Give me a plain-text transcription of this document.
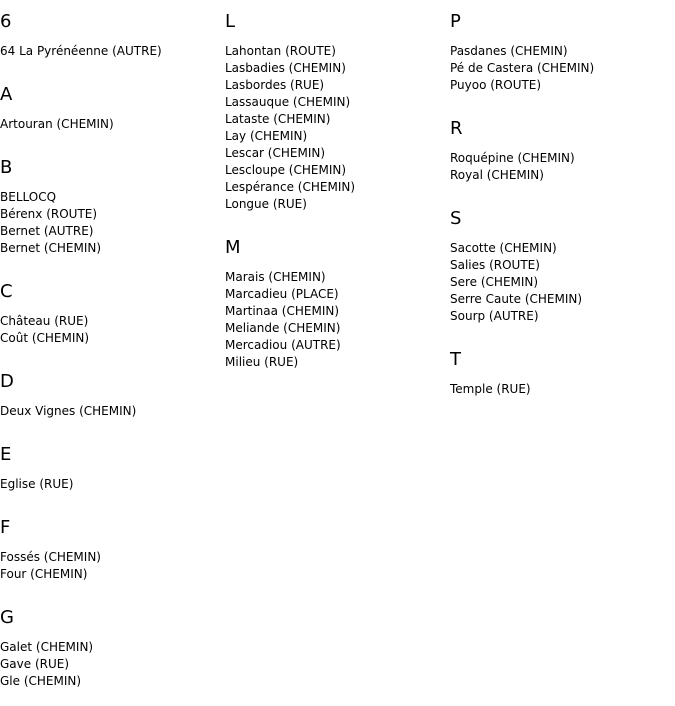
6
64 La Pyrénéenne (AUTRE)
A
Artouran (CHEMIN)
B
BELLOCQ
Bérenx (ROUTE)
Bernet (AUTRE)
Bernet (CHEMIN)
C
Château (RUE)
Coût (CHEMIN)
D
Deux Vignes (CHEMIN)
E
Eglise (RUE)
F
Fossés (CHEMIN)
Four (CHEMIN)
G
Galet (CHEMIN)
Gave (RUE)
Gle (CHEMIN)
L
Lahontan (ROUTE)
Lasbadies (CHEMIN)
Lasbordes (RUE)
Lassauque (CHEMIN)
Lataste (CHEMIN)
Lay (CHEMIN)
Lescar (CHEMIN)
Lescloupe (CHEMIN)
Lespérance (CHEMIN)
Longue (RUE)
M
Marais (CHEMIN)
Marcadieu (PLACE)
Martinaa (CHEMIN)
Meliande (CHEMIN)
Mercadiou (AUTRE)
Milieu (RUE)
P
Pasdanes (CHEMIN)
Pé de Castera (CHEMIN)
Puyoo (ROUTE)
R
Roquépine (CHEMIN)
Royal (CHEMIN)
S
Sacotte (CHEMIN)
Salies (ROUTE)
Sere (CHEMIN)
Serre Caute (CHEMIN)
Sourp (AUTRE)
T
Temple (RUE)
